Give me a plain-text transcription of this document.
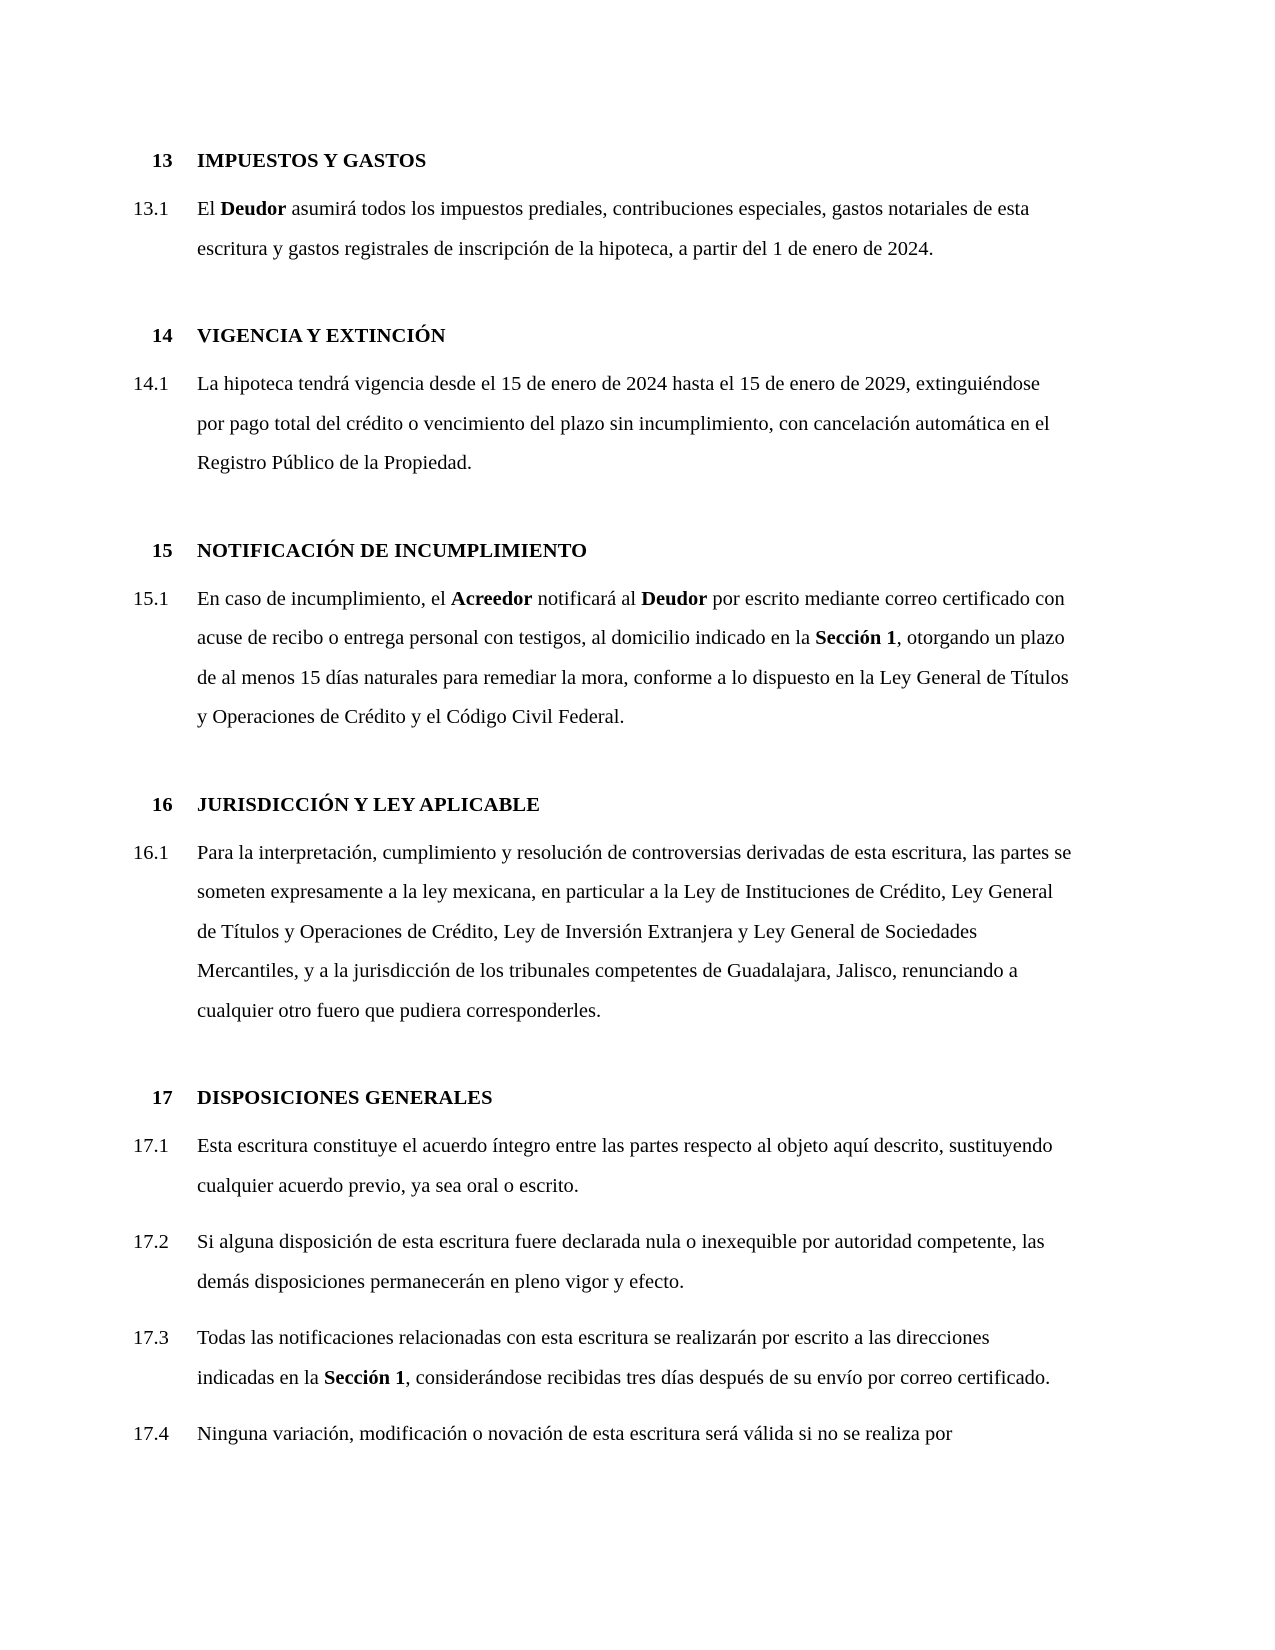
13	IMPUESTOS Y GASTOS
13.1	El Deudor asumirá todos los impuestos prediales, contribuciones especiales, gastos notariales de esta escritura y gastos registrales de inscripción de la hipoteca, a partir del 1 de enero de 2024.

14	VIGENCIA Y EXTINCIÓN
14.1	La hipoteca tendrá vigencia desde el 15 de enero de 2024 hasta el 15 de enero de 2029, extinguiéndose por pago total del crédito o vencimiento del plazo sin incumplimiento, con cancelación automática en el Registro Público de la Propiedad.

15	NOTIFICACIÓN DE INCUMPLIMIENTO
15.1	En caso de incumplimiento, el Acreedor notificará al Deudor por escrito mediante correo certificado con acuse de recibo o entrega personal con testigos, al domicilio indicado en la Sección 1, otorgando un plazo de al menos 15 días naturales para remediar la mora, conforme a lo dispuesto en la Ley General de Títulos y Operaciones de Crédito y el Código Civil Federal.

16	JURISDICCIÓN Y LEY APLICABLE
16.1	Para la interpretación, cumplimiento y resolución de controversias derivadas de esta escritura, las partes se someten expresamente a la ley mexicana, en particular a la Ley de Instituciones de Crédito, Ley General de Títulos y Operaciones de Crédito, Ley de Inversión Extranjera y Ley General de Sociedades Mercantiles, y a la jurisdicción de los tribunales competentes de Guadalajara, Jalisco, renunciando a cualquier otro fuero que pudiera corresponderles.

17	DISPOSICIONES GENERALES
17.1	Esta escritura constituye el acuerdo íntegro entre las partes respecto al objeto aquí descrito, sustituyendo cualquier acuerdo previo, ya sea oral o escrito.

17.2	Si alguna disposición de esta escritura fuere declarada nula o inexequible por autoridad competente, las demás disposiciones permanecerán en pleno vigor y efecto.

17.3	Todas las notificaciones relacionadas con esta escritura se realizarán por escrito a las direcciones indicadas en la Sección 1, considerándose recibidas tres días después de su envío por correo certificado.

17.4	Ninguna variación, modificación o novación de esta escritura será válida si no se realiza por
